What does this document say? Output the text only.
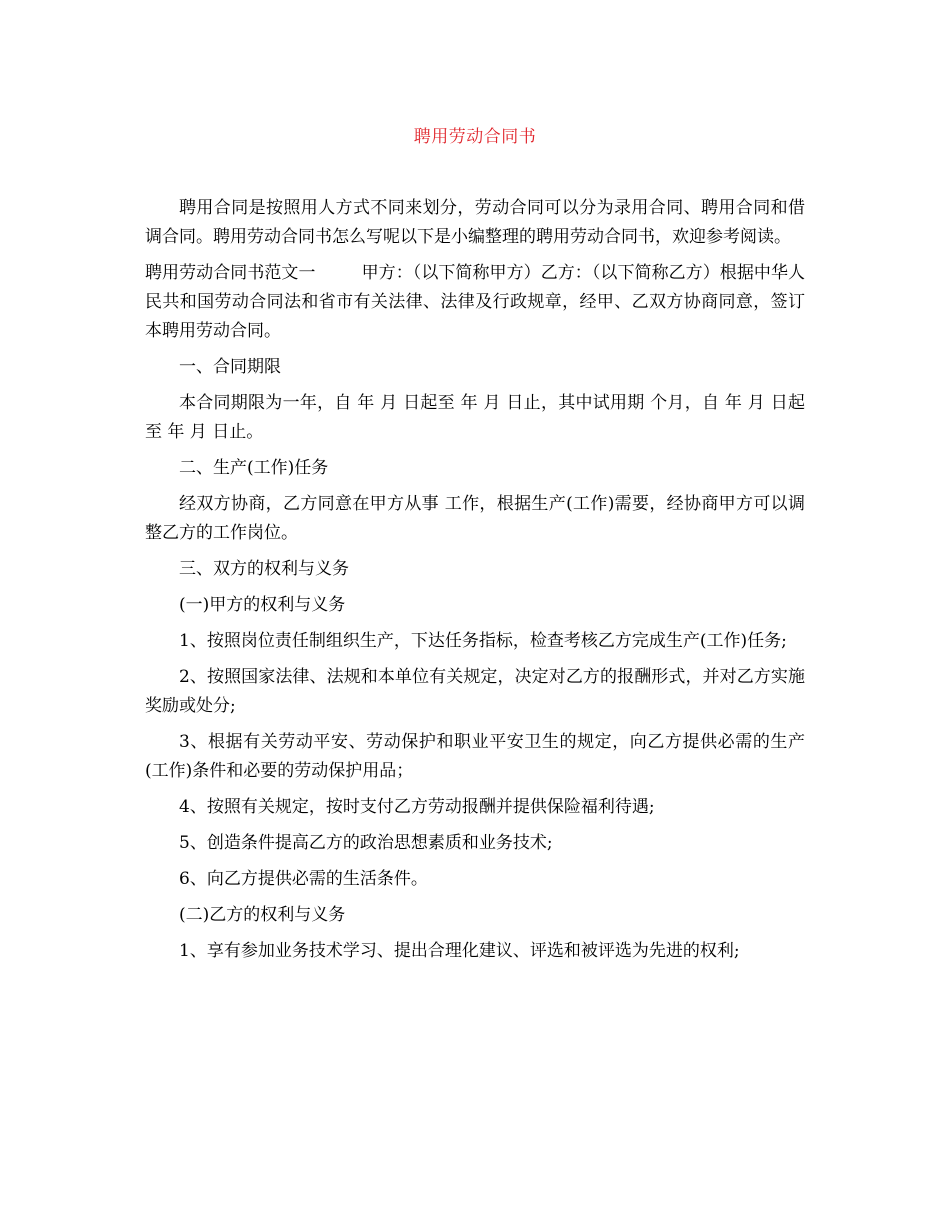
聘用劳动合同书

聘用合同是按照用人方式不同来划分，劳动合同可以分为录用合同、聘用合同和借调合同。聘用劳动合同书怎么写呢以下是小编整理的聘用劳动合同书，欢迎参考阅读。

聘用劳动合同书范文一	甲方：（以下简称甲方）乙方：（以下简称乙方）根据中华人民共和国劳动合同法和省市有关法律、法律及行政规章，经甲、乙双方协商同意，签订本聘用劳动合同。

一、合同期限

本合同期限为一年，自 年 月 日起至 年 月 日止，其中试用期 个月，自 年 月 日起至 年 月 日止。

二、生产(工作)任务

经双方协商，乙方同意在甲方从事 工作，根据生产(工作)需要，经协商甲方可以调整乙方的工作岗位。

三、双方的权利与义务

(一)甲方的权利与义务

1、按照岗位责任制组织生产，下达任务指标，检查考核乙方完成生产(工作)任务;

2、按照国家法律、法规和本单位有关规定，决定对乙方的报酬形式，并对乙方实施奖励或处分;

3、根据有关劳动平安、劳动保护和职业平安卫生的规定，向乙方提供必需的生产(工作)条件和必要的劳动保护用品；

4、按照有关规定，按时支付乙方劳动报酬并提供保险福利待遇;

5、创造条件提高乙方的政治思想素质和业务技术;

6、向乙方提供必需的生活条件。

(二)乙方的权利与义务

1、享有参加业务技术学习、提出合理化建议、评选和被评选为先进的权利;
